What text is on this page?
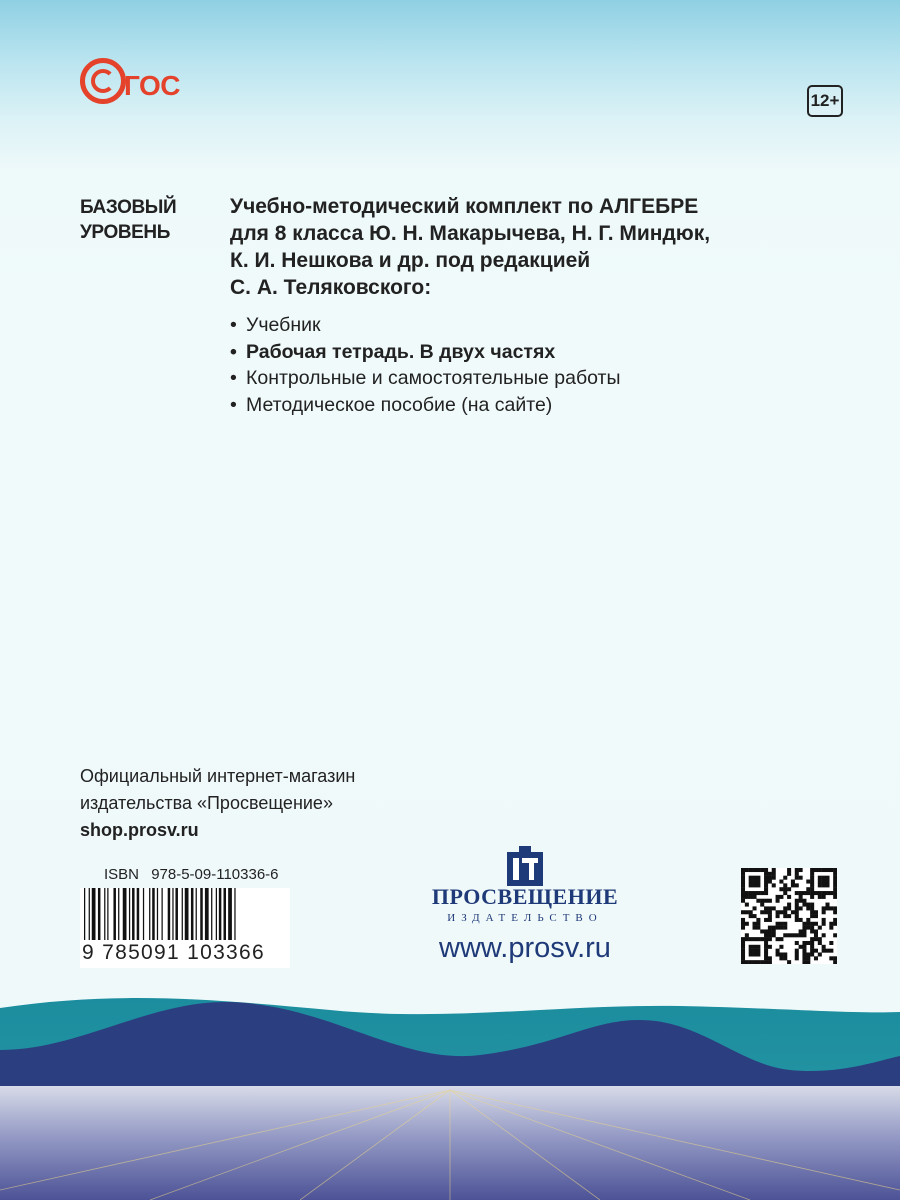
ГОС	12+
БАЗОВЫЙ
УРОВЕНЬ
Учебно-методический комплект по АЛГЕБРЕ
для 8 класса Ю. Н. Макарычева, Н. Г. Миндюк,
К. И. Нешкова и др. под редакцией
С. А. Теляковского:
• Учебник
• Рабочая тетрадь. В двух частях
• Контрольные и самостоятельные работы
• Методическое пособие (на сайте)
Официальный интернет-магазин
издательства «Просвещение»
shop.prosv.ru
ISBN 978-5-09-110336-6
9 785091 103366
ПРОСВЕЩЕНИЕ
ИЗДАТЕЛЬСТВО
www.prosv.ru
